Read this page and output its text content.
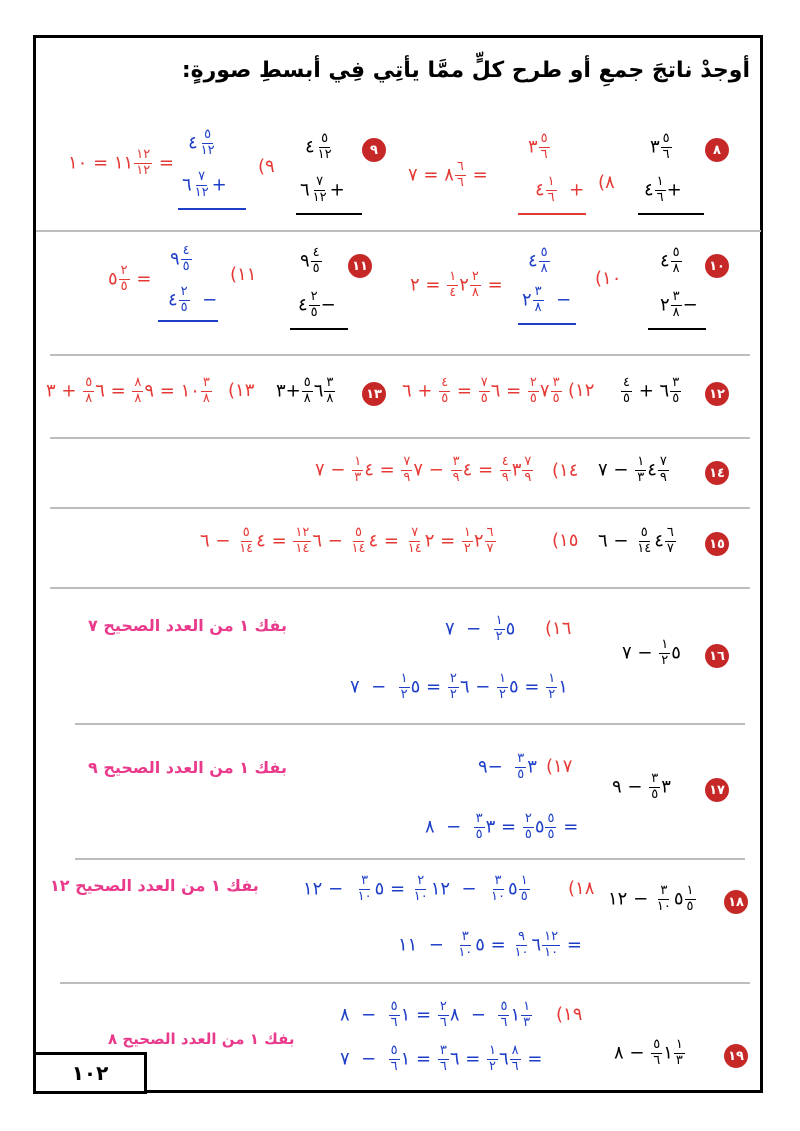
أوجدْ ناتجَ جمعِ أو طرح كلٍّ ممَّا يأتِي فِي أبسطِ صورةٍ:
٨
٣ $\frac{٥}{٦}$
٤ $\frac{١}{٦}$ +
(٨
٣ $\frac{٥}{٦}$
٤ $\frac{١}{٦}$ +
٨ = ٧ $\frac{٦}{٦}$ =
٩
٤ $\frac{٥}{١٢}$
٦ $\frac{٧}{١٢}$ +
(٩
٤ $\frac{٥}{١٢}$
٦ $\frac{٧}{١٢}$ +
١١ = ١٠ $\frac{١٢}{١٢}$ =
١٠
٤ $\frac{٥}{٨}$
٢ $\frac{٣}{٨}$ −
(١٠
٤ $\frac{٥}{٨}$
٢ $\frac{٣}{٨}$ −
٢
$\frac{١}{٤}$
= ٢	$\frac{٢}{٨}$ =
١١
٩ $\frac{٤}{٥}$
٤ $\frac{٢}{٥}$ −
(١١
٩ $\frac{٤}{٥}$
٤ $\frac{٢}{٥}$ −
٥ $\frac{٢}{٥}$ =
١٢
$\frac{٤}{٥}$ + ٦ $\frac{٣}{٥}$
(١٢
٧
$\frac{٢}{٥}$
= ٦
$\frac{٧}{٥}$
=
$\frac{٤}{٥}$
+ ٦	$\frac{٣}{٥}$
١٣
٦
$\frac{٥}{٨}$
+٣	$\frac{٣}{٨}$
(١٣
١٠ = ٩
$\frac{٨}{٨}$
= ٦
$\frac{٥}{٨}$
+ ٣	$\frac{٣}{٨}$
١٤
٤
$\frac{١}{٣}$
− ٧	$\frac{٧}{٩}$
(١٤
٣
$\frac{٤}{٩}$
= ٤
$\frac{٣}{٩}$
− ٧
$\frac{٧}{٩}$
= ٤
$\frac{١}{٣}$
− ٧	$\frac{٧}{٩}$
١٥
٤
$\frac{٥}{١٤}$
− ٦	$\frac{٦}{٧}$
(١٥
٢
$\frac{١}{٢}$
= ٢
$\frac{٧}{١٤}$
= ٤
$\frac{٥}{١٤}$
− ٦
$\frac{١٢}{١٤}$
= ٤
$\frac{٥}{١٤}$
− ٦	$\frac{٦}{٧}$
١٦
٥
$\frac{١}{٢}$
− ٧
(١٦
٥
$\frac{١}{٢}$
−  ٧
١
$\frac{١}{٢}$
= ٥
$\frac{١}{٢}$
− ٦
$\frac{٢}{٢}$
= ٥
$\frac{١}{٢}$
−  ٧
بفك ١ من العدد الصحيح ٧
١٧
٣
$\frac{٣}{٥}$
− ٩
(١٧
٣
$\frac{٣}{٥}$
−٩
٥
$\frac{٢}{٥}$
= ٣
$\frac{٣}{٥}$
−  ٨	$\frac{٥}{٥}$ =
بفك ١ من العدد الصحيح ٩
١٨
٥
$\frac{٣}{١٠}$
− ١٢	$\frac{١}{٥}$
(١٨
٥
$\frac{٣}{١٠}$
−  ١٢
$\frac{٢}{١٠}$
= ٥
$\frac{٣}{١٠}$
− ١٢	$\frac{١}{٥}$
٦
$\frac{٩}{١٠}$
= ٥
$\frac{٣}{١٠}$
−  ١١	$\frac{١٢}{١٠}$ =
بفك ١ من العدد الصحيح ١٢
١٩
١
$\frac{٥}{٦}$
− ٨	$\frac{١}{٣}$
(١٩
١
$\frac{٥}{٦}$
−  ٨
$\frac{٢}{٦}$
= ١
$\frac{٥}{٦}$
−  ٨	$\frac{١}{٣}$
٦
$\frac{١}{٢}$
= ٦
$\frac{٣}{٦}$
= ١
$\frac{٥}{٦}$
−  ٧	$\frac{٨}{٦}$ =
بفك ١ من العدد الصحيح ٨
١٠٢
